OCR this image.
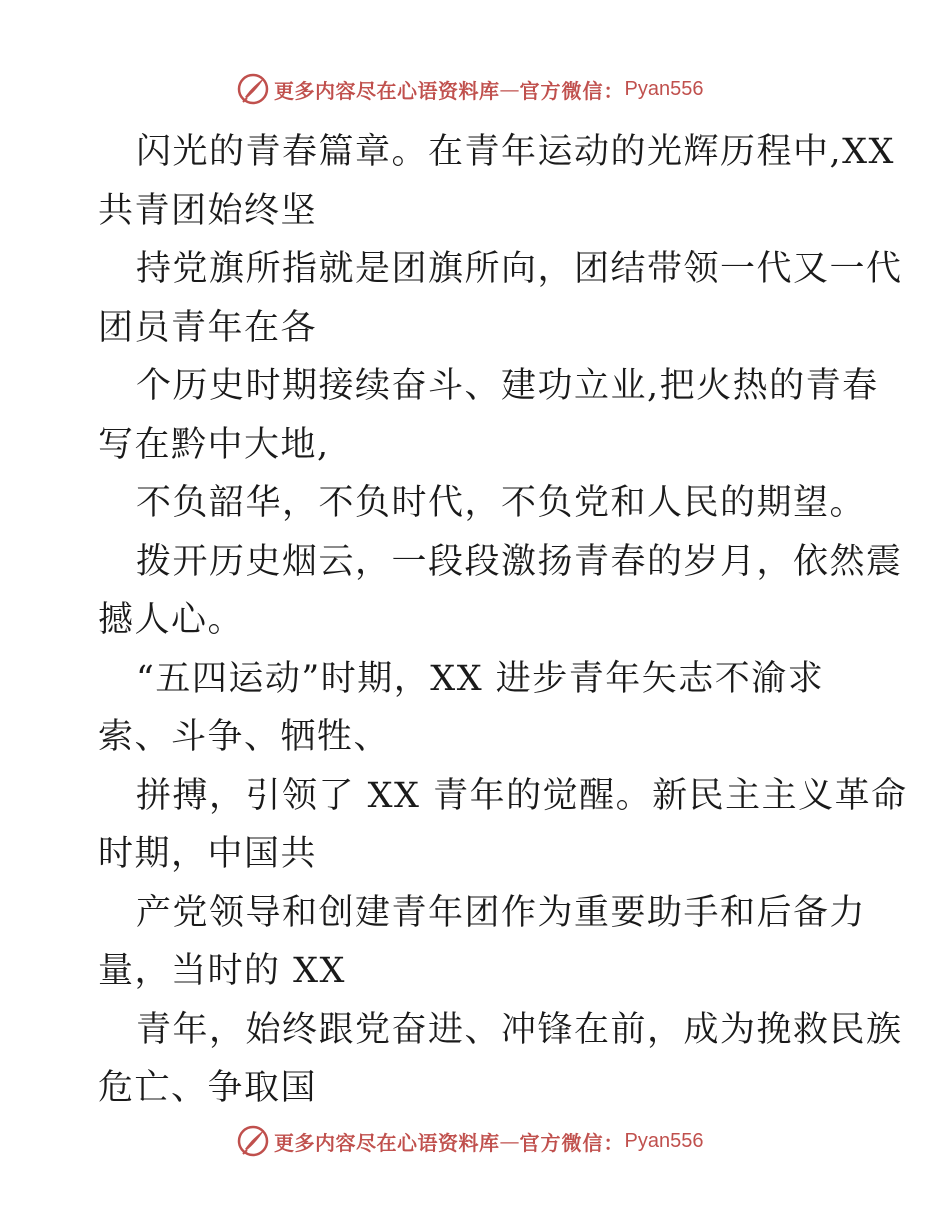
更多内容尽在心语资料库 — 官方微信： Pyan556

闪光的青春篇章。在青年运动的光辉历程中,XX
共青团始终坚

持党旗所指就是团旗所向，团结带领一代又一代
团员青年在各

个历史时期接续奋斗、建功立业,把火热的青春
写在黔中大地,

不负韶华，不负时代，不负党和人民的期望。

拨开历史烟云，一段段激扬青春的岁月，依然震
撼人心。

“五四运动”时期，XX 进步青年矢志不渝求
索、斗争、牺牲、

拼搏，引领了 XX 青年的觉醒。新民主主义革命
时期，中国共

产党领导和创建青年团作为重要助手和后备力
量，当时的 XX

青年，始终跟党奋进、冲锋在前，成为挽救民族
危亡、争取国

更多内容尽在心语资料库 — 官方微信： Pyan556
